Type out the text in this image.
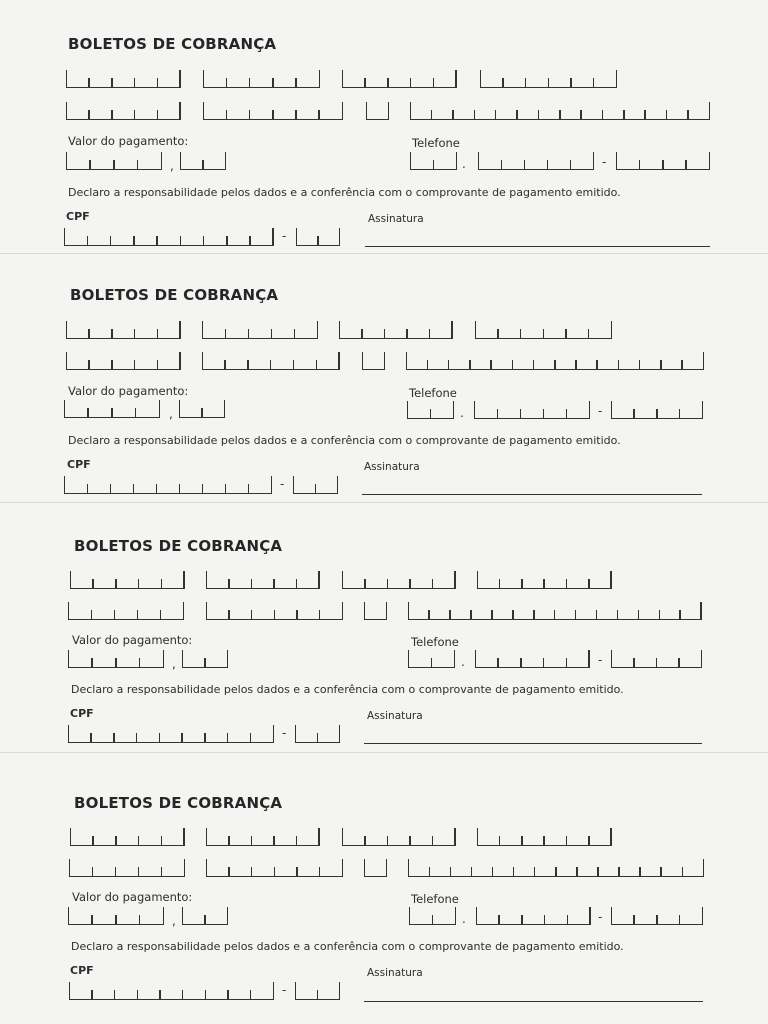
BOLETOS DE COBRANÇA
Valor do pagamento:	Telefone
,	.	-
Declaro a responsabilidade pelos dados e a conferência com o comprovante de pagamento emitido.
CPF	Assinatura
-
BOLETOS DE COBRANÇA
Valor do pagamento:	Telefone
,	.	-
Declaro a responsabilidade pelos dados e a conferência com o comprovante de pagamento emitido.
CPF	Assinatura
-
BOLETOS DE COBRANÇA
Valor do pagamento:	Telefone
,	.	-
Declaro a responsabilidade pelos dados e a conferência com o comprovante de pagamento emitido.
CPF	Assinatura
-
BOLETOS DE COBRANÇA
Valor do pagamento:	Telefone
,	.	-
Declaro a responsabilidade pelos dados e a conferência com o comprovante de pagamento emitido.
CPF	Assinatura
-
